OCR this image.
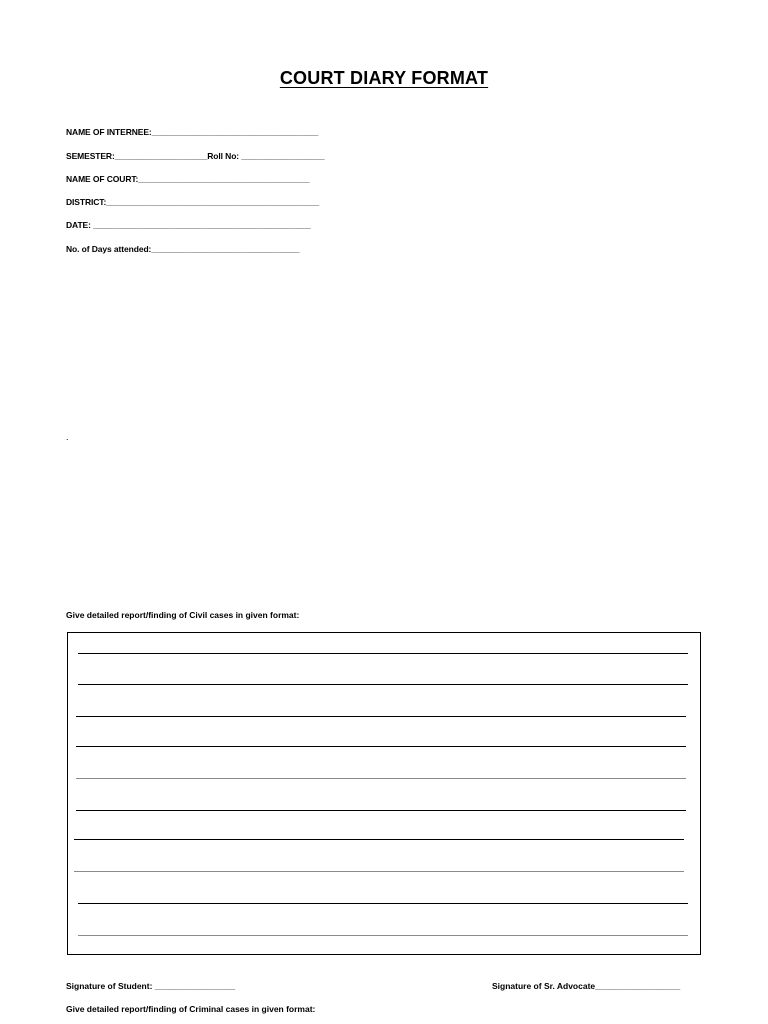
COURT DIARY FORMAT
NAME OF INTERNEE:____________________________________
SEMESTER:____________________Roll No: __________________
NAME OF COURT:_____________________________________
DISTRICT:______________________________________________
DATE: _______________________________________________
No. of Days attended:________________________________
.
Give detailed report/finding of Civil cases in given format:
Signature of Student: _________________	Signature of Sr. Advocate__________________
Give detailed report/finding of Criminal cases in given format:
